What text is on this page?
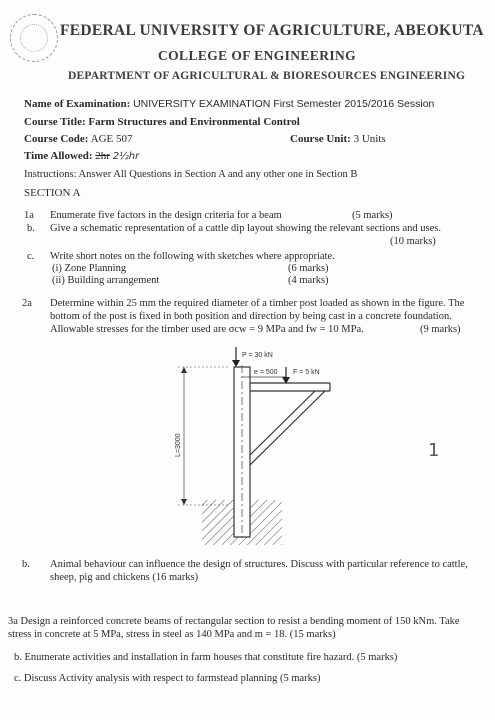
FEDERAL UNIVERSITY OF AGRICULTURE, ABEOKUTA
COLLEGE OF ENGINEERING
DEPARTMENT OF AGRICULTURAL & BIORESOURCES ENGINEERING
Name of Examination: UNIVERSITY EXAMINATION First Semester 2015/2016 Session
Course Title: Farm Structures and Environmental Control
Course Code: AGE 507	Course Unit: 3 Units
Time Allowed: 2hr 2½hr
Instructions: Answer All Questions in Section A and any other one in Section B
SECTION A
1a Enumerate five factors in the design criteria for a beam	(5 marks)
b. Give a schematic representation of a cattle dip layout showing the relevant sections and uses.
(10 marks)
c. Write short notes on the following with sketches where appropriate.
(i) Zone Planning	(6 marks)
(ii) Building arrangement	(4 marks)
2a Determine within 25 mm the required diameter of a timber post loaded as shown in the figure. The
bottom of the post is fixed in both position and direction by being cast in a concrete foundation.
Allowable stresses for the timber used are σcw = 9 MPa and fw = 10 MPa.	(9 marks)
P = 30 kN
e = 500 F = 5 kN
L=3000	1
b. Animal behaviour can influence the design of structures. Discuss with particular reference to cattle,
sheep, pig and chickens (16 marks)
3a Design a reinforced concrete beams of rectangular section to resist a bending moment of 150 kNm. Take
stress in concrete at 5 MPa, stress in steel as 140 MPa and m = 18. (15 marks)
b. Enumerate activities and installation in farm houses that constitute fire hazard. (5 marks)
c. Discuss Activity analysis with respect to farmstead planning (5 marks)
